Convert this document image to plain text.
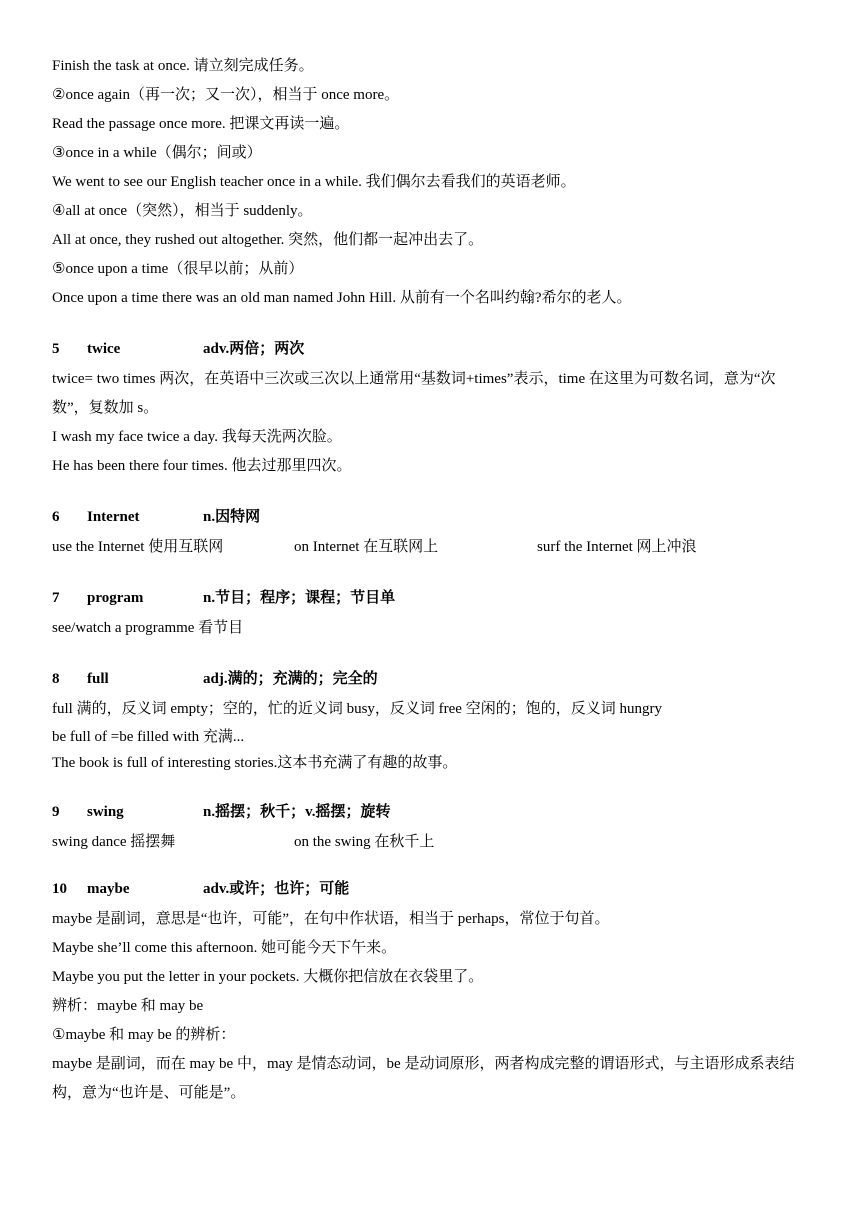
Finish the task at once. 请立刻完成任务。
②once again（再一次；又一次），相当于 once more。
Read the passage once more. 把课文再读一遍。
③once in a while（偶尔；间或）
We went to see our English teacher once in a while. 我们偶尔去看我们的英语老师。
④all at once（突然），相当于 suddenly。
All at once, they rushed out altogether. 突然，他们都一起冲出去了。
⑤once upon a time（很早以前；从前）
Once upon a time there was an old man named John Hill. 从前有一个名叫约翰?希尔的老人。
5 twice	adv.两倍；两次
twice= two times 两次，在英语中三次或三次以上通常用“基数词+times”表示，time 在这里为可数名词，意为“次数”，复数加 s。
I wash my face twice a day. 我每天洗两次脸。
He has been there four times. 他去过那里四次。
6 Internet	n.因特网
use the Internet 使用互联网	on Internet 在互联网上	surf the Internet 网上冲浪
7 program	n.节目；程序；课程；节目单
see/watch a programme 看节目
8 full	adj.满的；充满的；完全的
full 满的，反义词 empty；空的，忙的近义词 busy，反义词 free 空闲的；饱的，反义词 hungry
be full of =be filled with 充满...
The book is full of interesting stories.这本书充满了有趣的故事。
9 swing	n.摇摆；秋千；v.摇摆；旋转
swing dance 摇摆舞	on the swing 在秋千上
10 maybe	adv.或许；也许；可能
maybe 是副词，意思是“也许，可能”，在句中作状语，相当于 perhaps，常位于句首。
Maybe she’ll come this afternoon. 她可能今天下午来。
Maybe you put the letter in your pockets. 大概你把信放在衣袋里了。
辨析：maybe 和 may be
①maybe 和 may be 的辨析：
maybe 是副词，而在 may be 中，may 是情态动词，be 是动词原形，两者构成完整的谓语形式，与主语形成系表结构，意为“也许是、可能是”。
